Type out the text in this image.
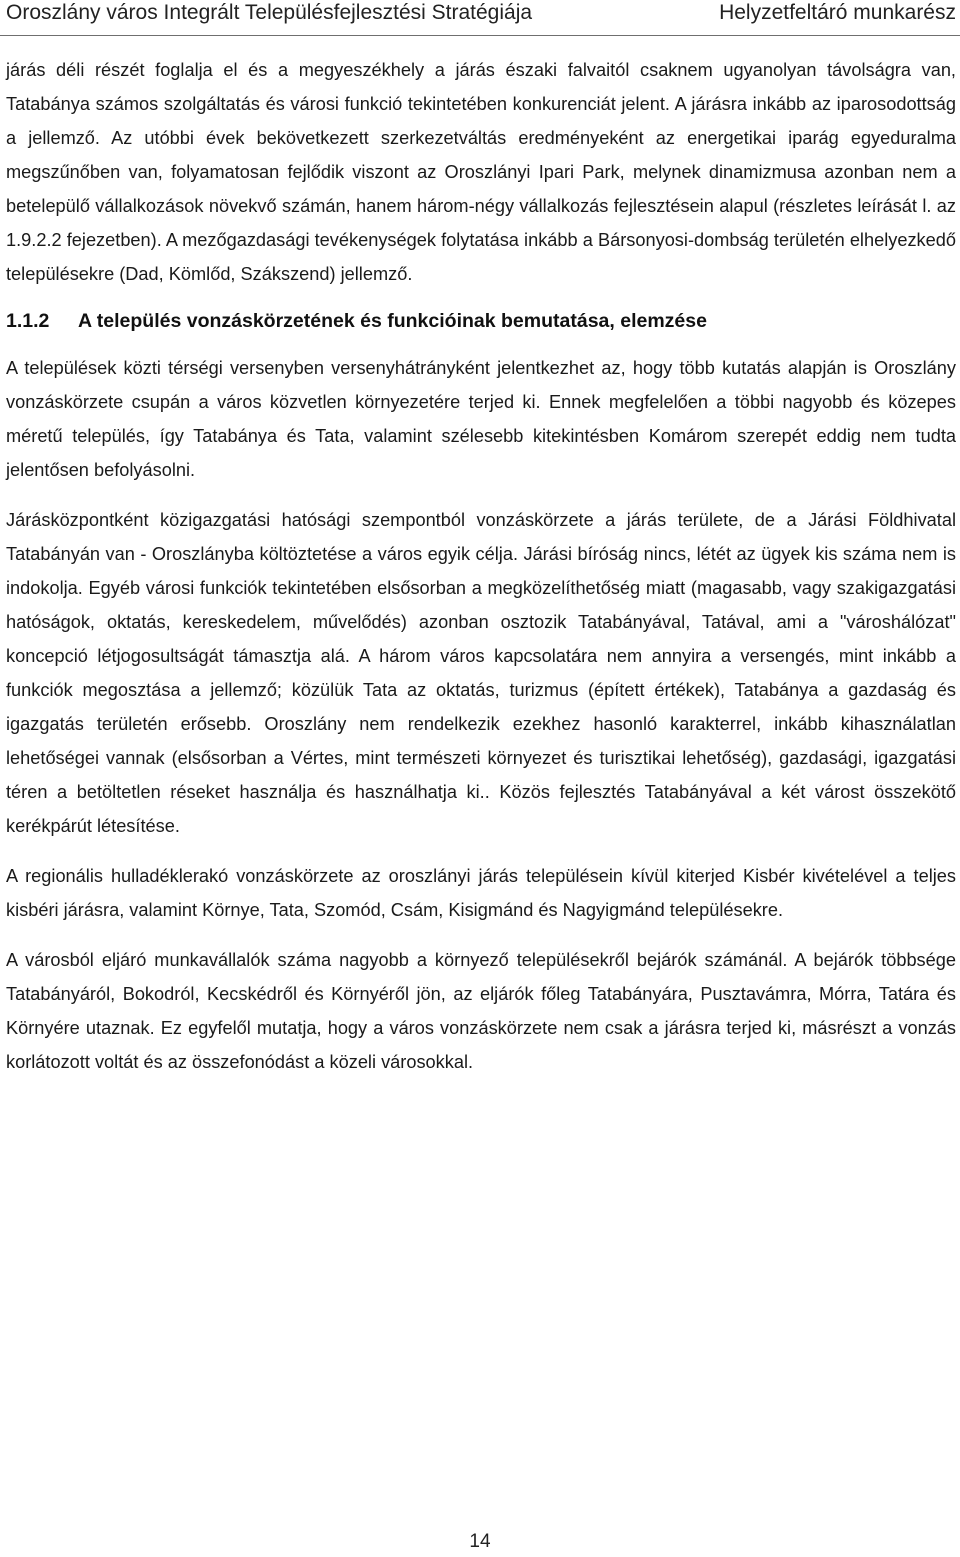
Oroszlány város Integrált Településfejlesztési Stratégiája	Helyzetfeltáró munkarész

járás déli részét foglalja el és a megyeszékhely a járás északi falvaitól csaknem ugyanolyan távolságra van, Tatabánya számos szolgáltatás és városi funkció tekintetében konkurenciát jelent. A járásra inkább az iparosodottság a jellemző. Az utóbbi évek bekövetkezett szerkezetváltás eredményeként az energetikai iparág egyeduralma megszűnőben van, folyamatosan fejlődik viszont az Oroszlányi Ipari Park, melynek dinamizmusa azonban nem a betelepülő vállalkozások növekvő számán, hanem három-négy vállalkozás fejlesztésein alapul (részletes leírását l. az 1.9.2.2 fejezetben). A mezőgazdasági tevékenységek folytatása inkább a Bársonyosi-dombság területén elhelyezkedő településekre (Dad, Kömlőd, Szákszend) jellemző.

1.1.2 A település vonzáskörzetének és funkcióinak bemutatása, elemzése

A települések közti térségi versenyben versenyhátrányként jelentkezhet az, hogy több kutatás alapján is Oroszlány vonzáskörzete csupán a város közvetlen környezetére terjed ki. Ennek megfelelően a többi nagyobb és közepes méretű település, így Tatabánya és Tata, valamint szélesebb kitekintésben Komárom szerepét eddig nem tudta jelentősen befolyásolni.

Járásközpontként közigazgatási hatósági szempontból vonzáskörzete a járás területe, de a Járási Földhivatal Tatabányán van - Oroszlányba költöztetése a város egyik célja. Járási bíróság nincs, létét az ügyek kis száma nem is indokolja. Egyéb városi funkciók tekintetében elsősorban a megközelíthetőség miatt (magasabb, vagy szakigazgatási hatóságok, oktatás, kereskedelem, művelődés) azonban osztozik Tatabányával, Tatával, ami a "városhálózat" koncepció létjogosultságát támasztja alá. A három város kapcsolatára nem annyira a versengés, mint inkább a funkciók megosztása a jellemző; közülük Tata az oktatás, turizmus (épített értékek), Tatabánya a gazdaság és igazgatás területén erősebb. Oroszlány nem rendelkezik ezekhez hasonló karakterrel, inkább kihasználatlan lehetőségei vannak (elsősorban a Vértes, mint természeti környezet és turisztikai lehetőség), gazdasági, igazgatási téren a betöltetlen réseket használja és használhatja ki.. Közös fejlesztés Tatabányával a két várost összekötő kerékpárút létesítése.

A regionális hulladéklerakó vonzáskörzete az oroszlányi járás településein kívül kiterjed Kisbér kivételével a teljes kisbéri járásra, valamint Környe, Tata, Szomód, Csám, Kisigmánd és Nagyigmánd településekre.

A városból eljáró munkavállalók száma nagyobb a környező településekről bejárók számánál. A bejárók többsége Tatabányáról, Bokodról, Kecskédről és Környéről jön, az eljárók főleg Tatabányára, Pusztavámra, Mórra, Tatára és Környére utaznak. Ez egyfelől mutatja, hogy a város vonzáskörzete nem csak a járásra terjed ki, másrészt a vonzás korlátozott voltát és az összefonódást a közeli városokkal.

14
